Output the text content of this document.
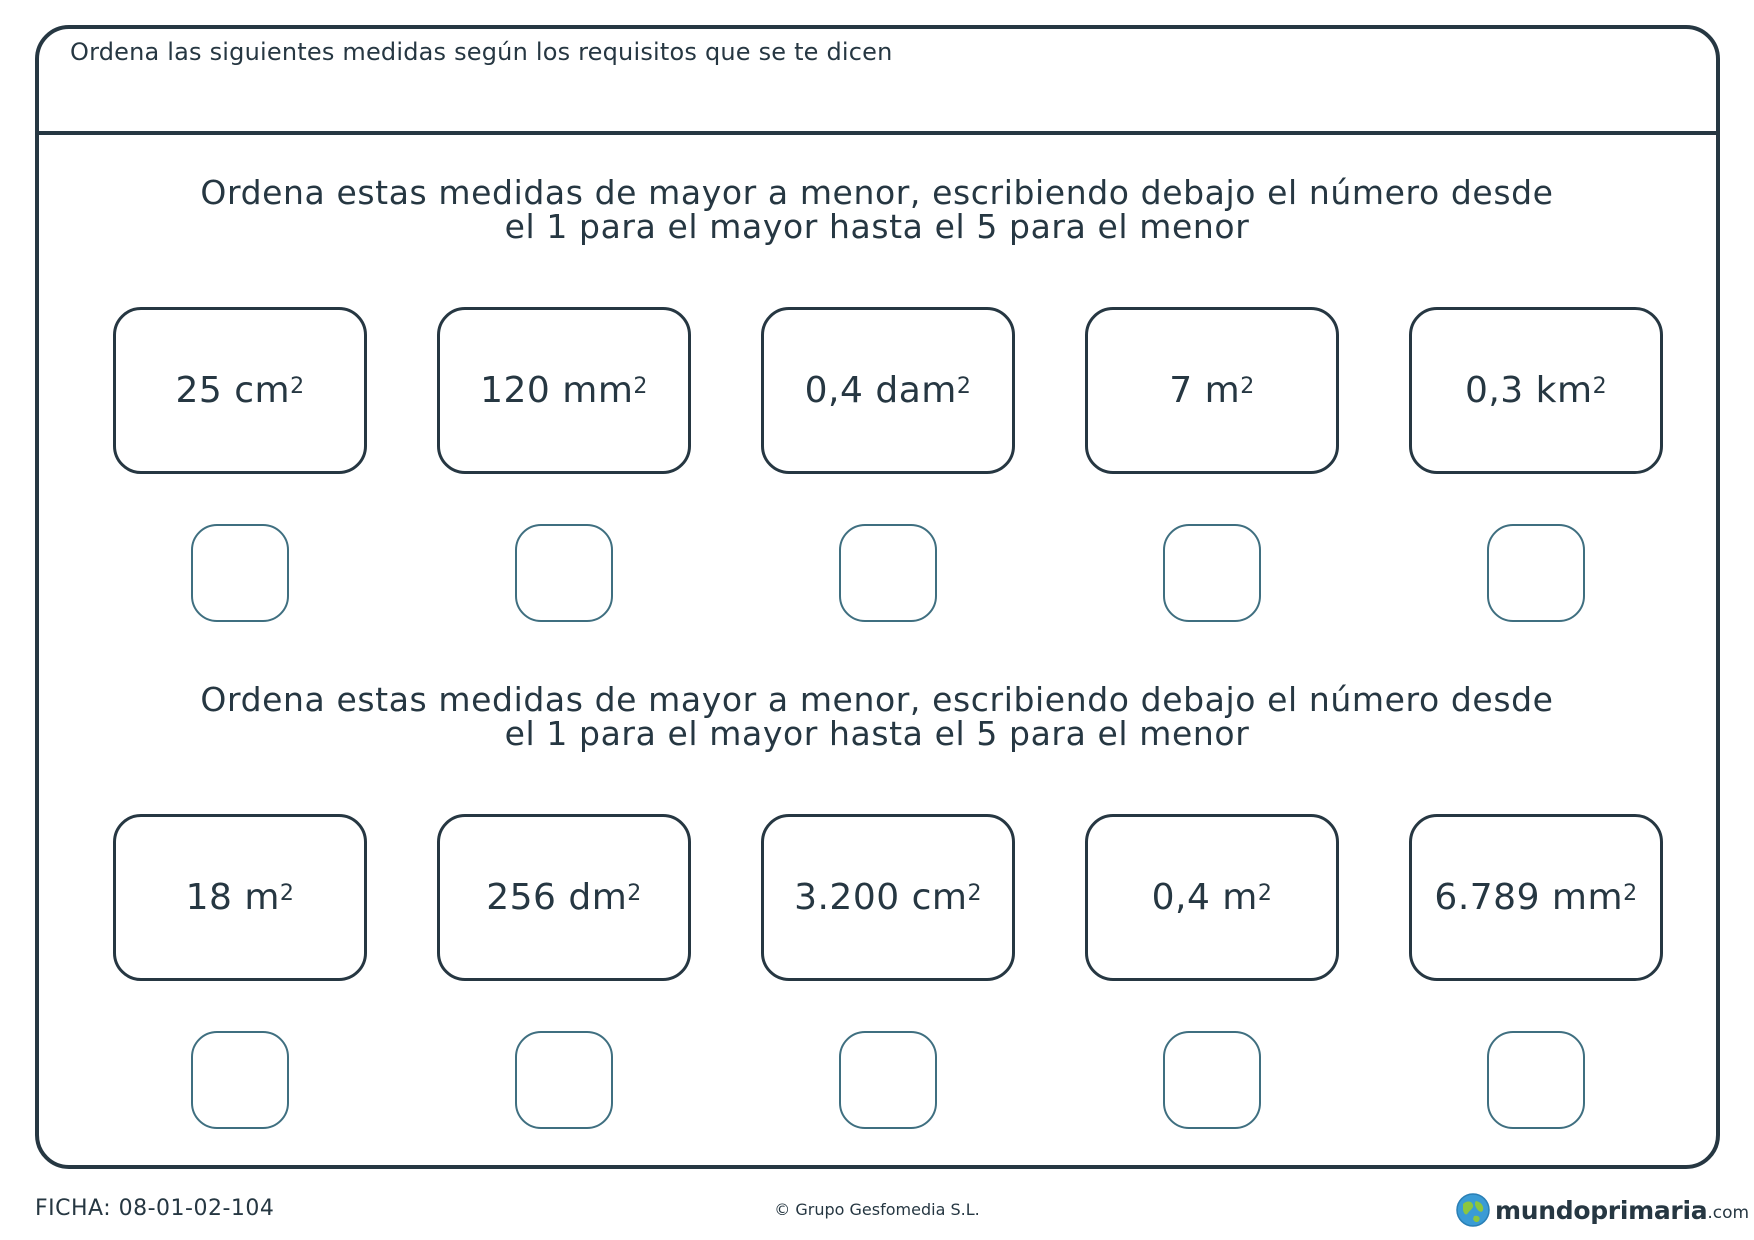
Ordena las siguientes medidas según los requisitos que se te dicen
Ordena estas medidas de mayor a menor, escribiendo debajo el número desde
el 1 para el mayor hasta el 5 para el menor
25 $cm^2$	120 $mm^2$	0,4 dam$^2$	7 $m^2$	0,3 $km^2$
Ordena estas medidas de mayor a menor, escribiendo debajo el número desde
el 1 para el mayor hasta el 5 para el menor
18 $m^2$	256 $dm^2$	3.200 $cm^2$	0,4 $m^2$	6.789 $mm^2$
FICHA: 08-01-02-104	© Grupo Gesfomedia S.L.	mundoprimaria .com
